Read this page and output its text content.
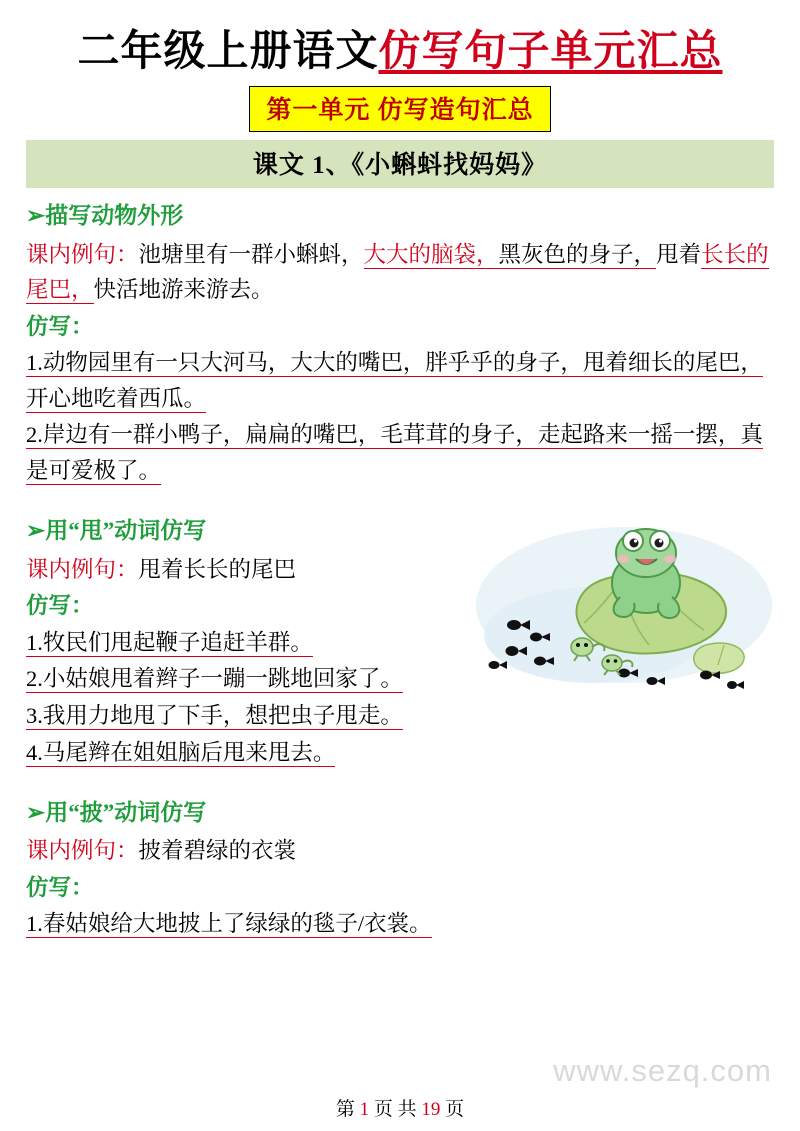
二年级上册语文仿写句子单元汇总
第一单元 仿写造句汇总
课文 1、《小蝌蚪找妈妈》
➢描写动物外形

课内例句：池塘里有一群小蝌蚪，大大的脑袋，黑灰色的身子，甩着长长的尾巴，快活地游来游去。

仿写：

1.动物园里有一只大河马，大大的嘴巴，胖乎乎的身子，甩着细长的尾巴，开心地吃着西瓜。

2.岸边有一群小鸭子，扁扁的嘴巴，毛茸茸的身子，走起路来一摇一摆，真是可爱极了。

➢用“甩”动词仿写

课内例句：甩着长长的尾巴

仿写：

1.牧民们甩起鞭子追赶羊群。

2.小姑娘甩着辫子一蹦一跳地回家了。

3.我用力地甩了下手，想把虫子甩走。

4.马尾辫在姐姐脑后甩来甩去。

➢用“披”动词仿写

课内例句：披着碧绿的衣裳

仿写：

1.春姑娘给大地披上了绿绿的毯子/衣裳。

www.sezq.com
第 1 页 共 19 页
